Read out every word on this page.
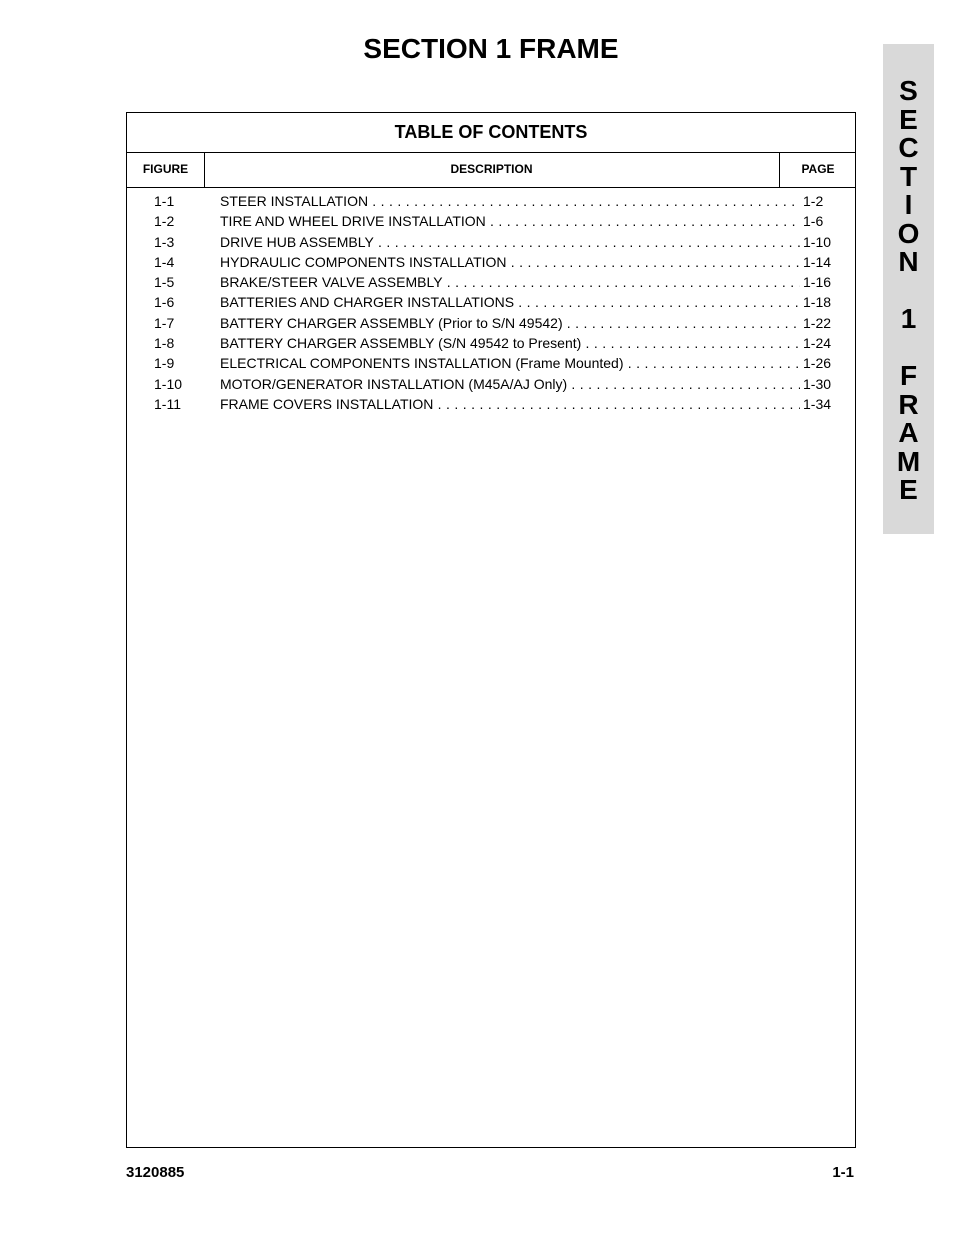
SECTION 1 FRAME
S
E
C
T
I
O
N
1
F
R
A
M
E
TABLE OF CONTENTS
FIGURE	DESCRIPTION	PAGE
1-1	STEER INSTALLATION . . .	1-2
1-2	TIRE AND WHEEL DRIVE INSTALLATION . . .	1-6
1-3	DRIVE HUB ASSEMBLY . . .	1-10
1-4	HYDRAULIC COMPONENTS INSTALLATION . . .	1-14
1-5	BRAKE/STEER VALVE ASSEMBLY . . .	1-16
1-6	BATTERIES AND CHARGER INSTALLATIONS . . .	1-18
1-7	BATTERY CHARGER ASSEMBLY (Prior to S/N 49542) . . .	1-22
1-8	BATTERY CHARGER ASSEMBLY (S/N 49542 to Present) . . .	1-24
1-9	ELECTRICAL COMPONENTS INSTALLATION (Frame Mounted) . . .	1-26
1-10	MOTOR/GENERATOR INSTALLATION (M45A/AJ Only) . . .	1-30
1-11	FRAME COVERS INSTALLATION . . .	1-34
3120885	1-1
